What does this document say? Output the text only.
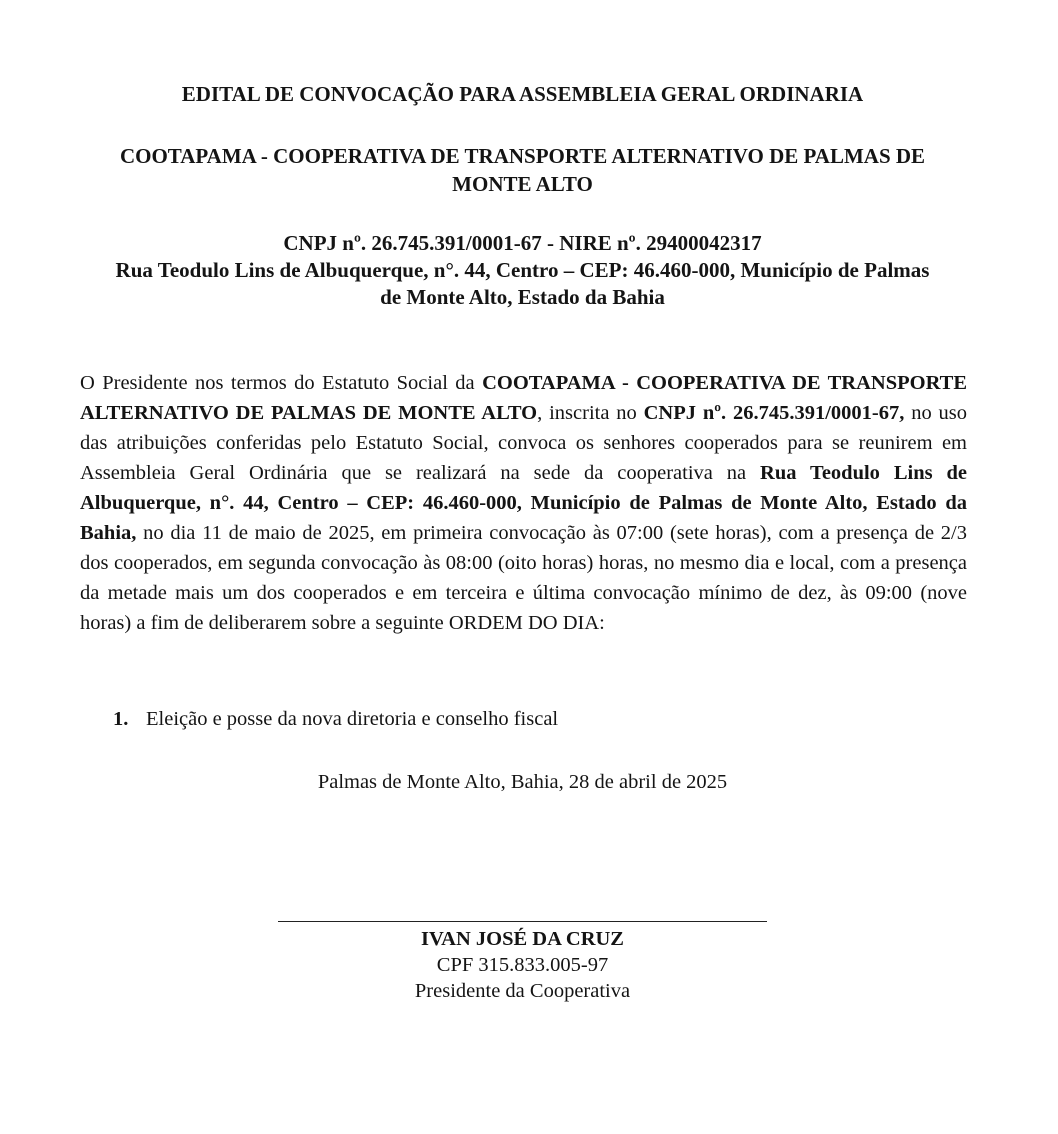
EDITAL DE CONVOCAÇÃO PARA ASSEMBLEIA GERAL ORDINARIA

COOTAPAMA - COOPERATIVA DE TRANSPORTE ALTERNATIVO DE PALMAS DE
MONTE ALTO

CNPJ nº. 26.745.391/0001-67 - NIRE nº. 29400042317
Rua Teodulo Lins de Albuquerque, n°. 44, Centro – CEP: 46.460-000, Município de Palmas
de Monte Alto, Estado da Bahia

O Presidente nos termos do Estatuto Social da COOTAPAMA - COOPERATIVA DE TRANSPORTE ALTERNATIVO DE PALMAS DE MONTE ALTO, inscrita no CNPJ nº. 26.745.391/0001-67, no uso das atribuições conferidas pelo Estatuto Social, convoca os senhores cooperados para se reunirem em Assembleia Geral Ordinária que se realizará na sede da cooperativa na Rua Teodulo Lins de Albuquerque, n°. 44, Centro – CEP: 46.460-000, Município de Palmas de Monte Alto, Estado da Bahia, no dia 11 de maio de 2025, em primeira convocação às 07:00 (sete horas), com a presença de 2/3 dos cooperados, em segunda convocação às 08:00 (oito horas) horas, no mesmo dia e local, com a presença da metade mais um dos cooperados e em terceira e última convocação mínimo de dez, às 09:00 (nove horas) a fim de deliberarem sobre a seguinte ORDEM DO DIA:

1. Eleição e posse da nova diretoria e conselho fiscal

Palmas de Monte Alto, Bahia, 28 de abril de 2025

IVAN JOSÉ DA CRUZ
CPF 315.833.005-97
Presidente da Cooperativa
